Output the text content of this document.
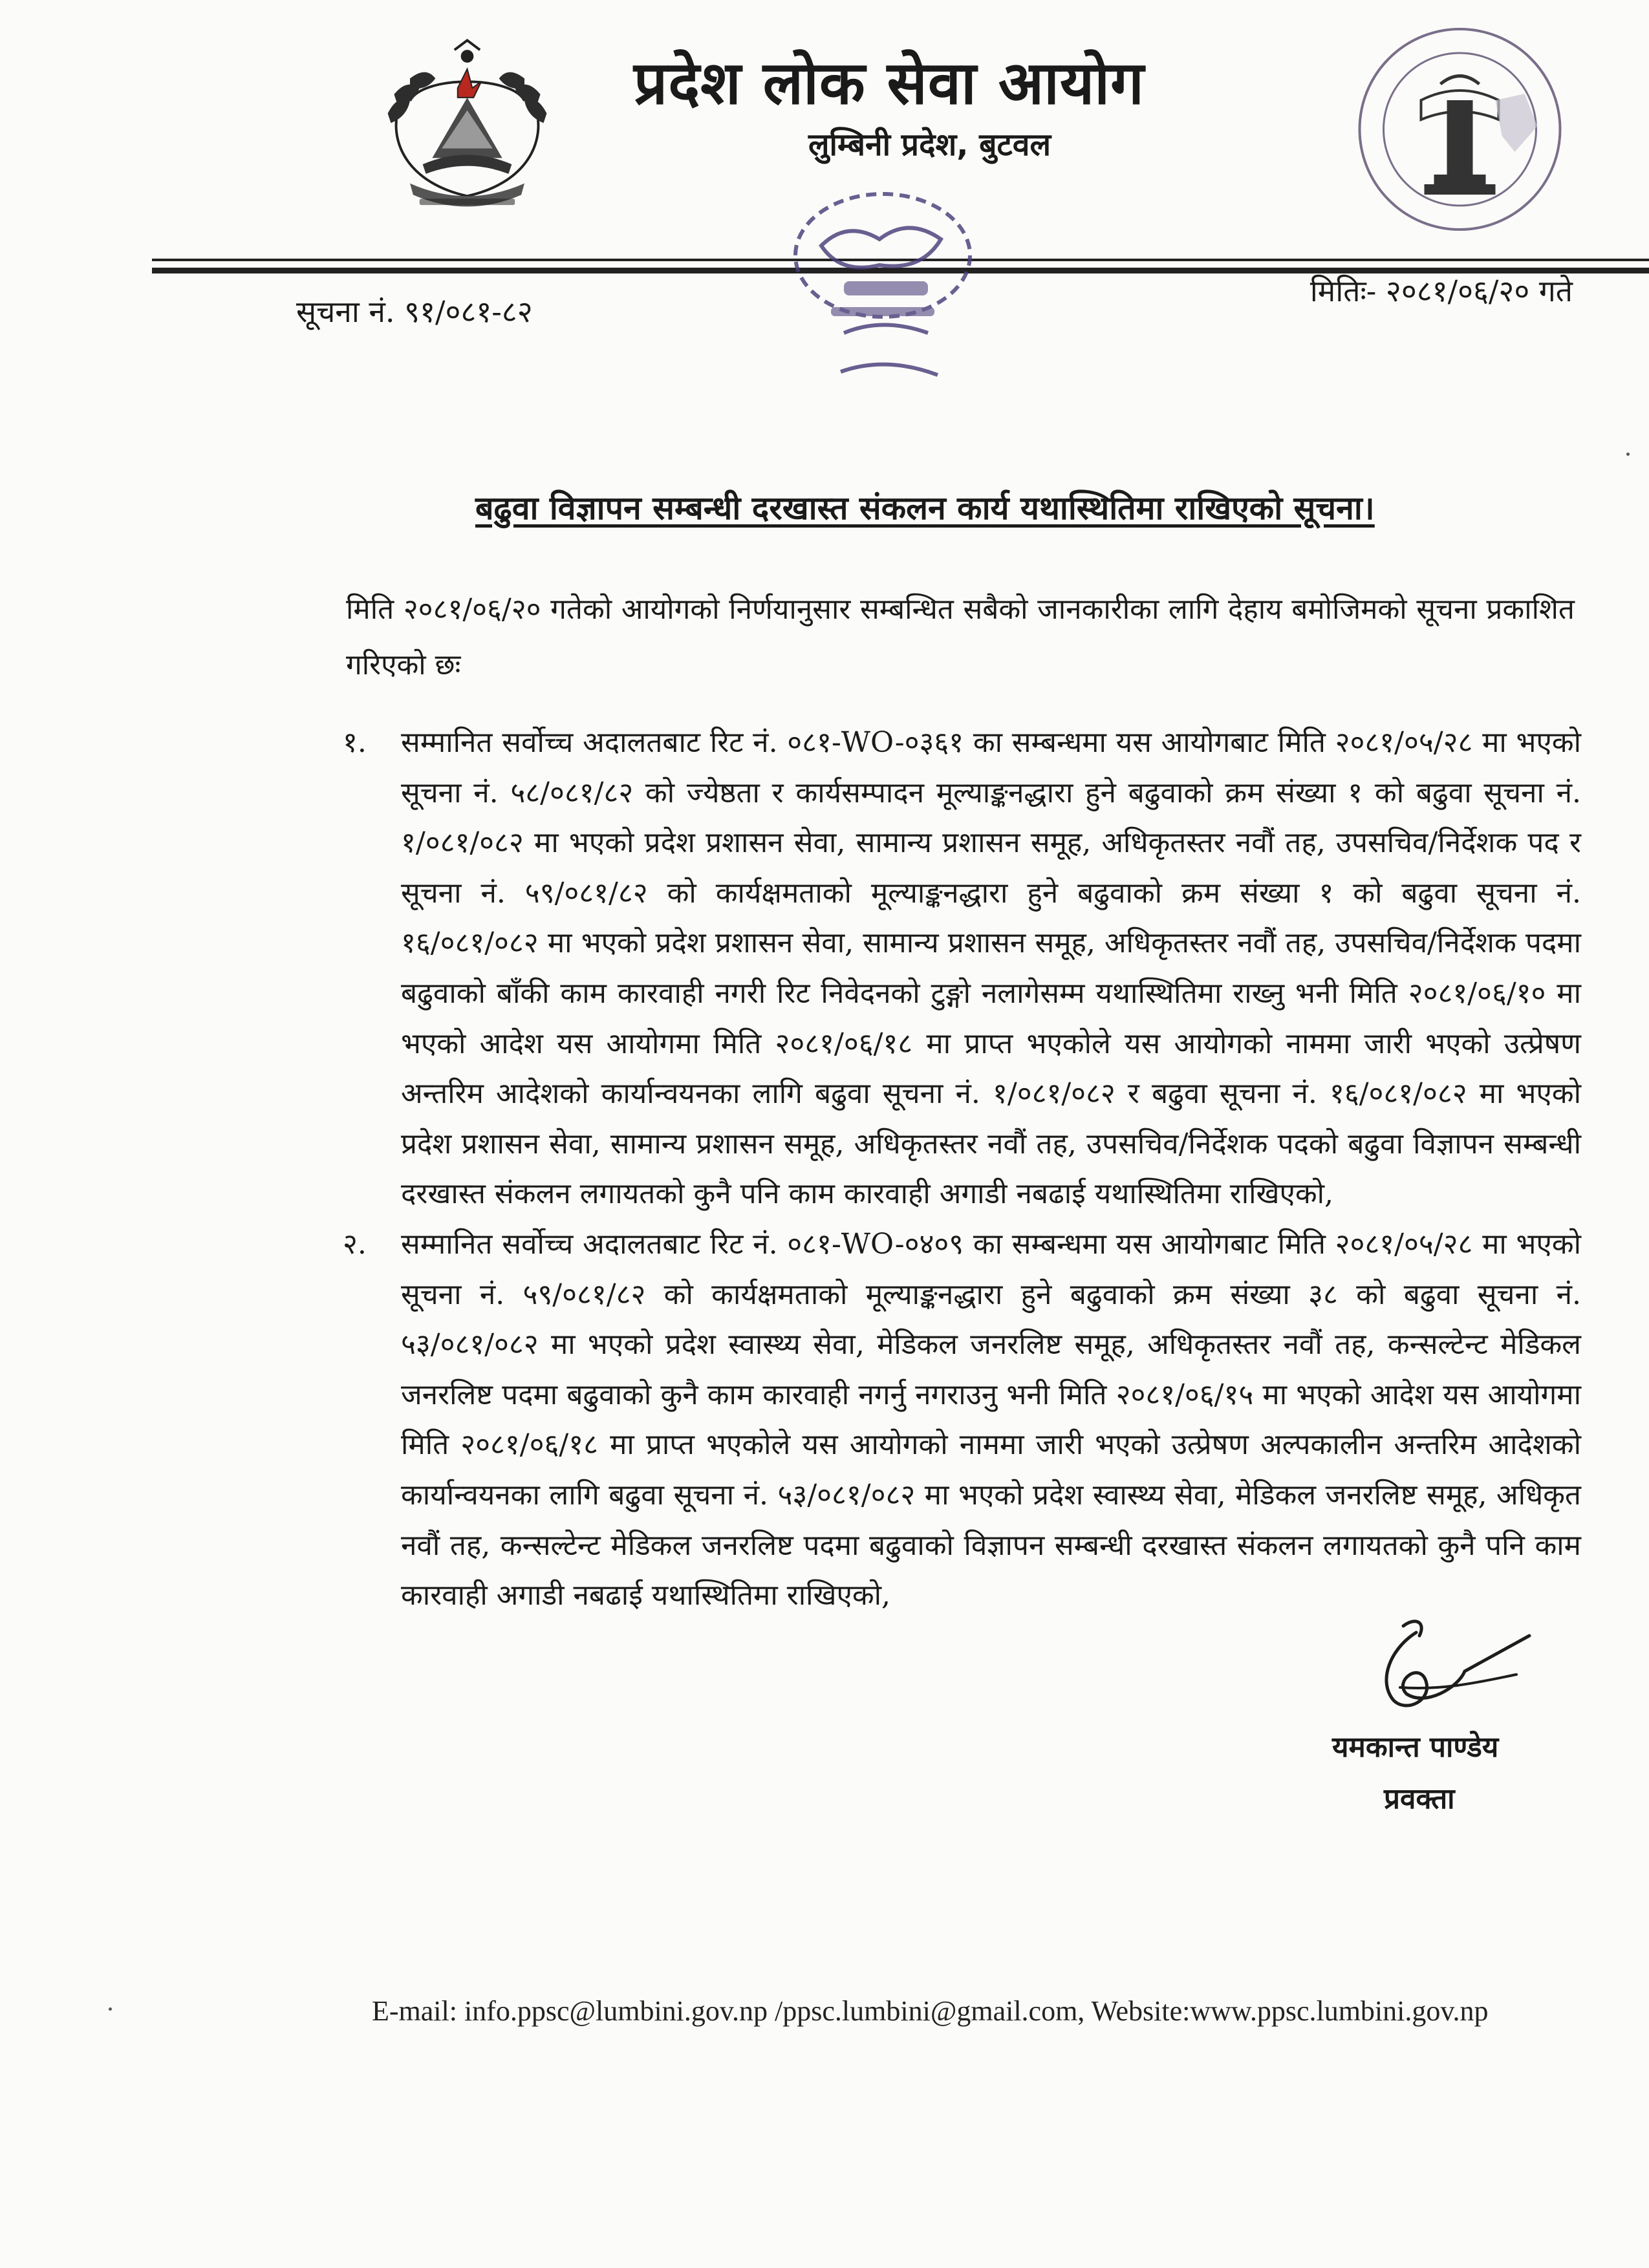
प्रदेश लोक सेवा आयोग
लुम्बिनी प्रदेश, बुटवल
सूचना नं. ९१/०८१-८२
मितिः- २०८१/०६/२० गते
बढुवा विज्ञापन सम्बन्धी दरखास्त संकलन कार्य यथास्थितिमा राखिएको सूचना।
मिति २०८१/०६/२० गतेको आयोगको निर्णयानुसार सम्बन्धित सबैको जानकारीका लागि देहाय बमोजिमको सूचना प्रकाशित गरिएको छः
१. सम्मानित सर्वोच्च अदालतबाट रिट नं. ०८१-WO-०३६१ का सम्बन्धमा यस आयोगबाट मिति २०८१/०५/२८ मा भएको सूचना नं. ५८/०८१/८२ को ज्येष्ठता र कार्यसम्पादन मूल्याङ्कनद्धारा हुने बढुवाको क्रम संख्या १ को बढुवा सूचना नं. १/०८१/०८२ मा भएको प्रदेश प्रशासन सेवा, सामान्य प्रशासन समूह, अधिकृतस्तर नवौं तह, उपसचिव/निर्देशक पद र सूचना नं. ५९/०८१/८२ को कार्यक्षमताको मूल्याङ्कनद्धारा हुने बढुवाको क्रम संख्या १ को बढुवा सूचना नं. १६/०८१/०८२ मा भएको प्रदेश प्रशासन सेवा, सामान्य प्रशासन समूह, अधिकृतस्तर नवौं तह, उपसचिव/निर्देशक पदमा बढुवाको बाँकी काम कारवाही नगरी रिट निवेदनको टुङ्गो नलागेसम्म यथास्थितिमा राख्नु भनी मिति २०८१/०६/१० मा भएको आदेश यस आयोगमा मिति २०८१/०६/१८ मा प्राप्त भएकोले यस आयोगको नाममा जारी भएको उत्प्रेषण अन्तरिम आदेशको कार्यान्वयनका लागि बढुवा सूचना नं. १/०८१/०८२ र बढुवा सूचना नं. १६/०८१/०८२ मा भएको प्रदेश प्रशासन सेवा, सामान्य प्रशासन समूह, अधिकृतस्तर नवौं तह, उपसचिव/निर्देशक पदको बढुवा विज्ञापन सम्बन्धी दरखास्त संकलन लगायतको कुनै पनि काम कारवाही अगाडी नबढाई यथास्थितिमा राखिएको,
२. सम्मानित सर्वोच्च अदालतबाट रिट नं. ०८१-WO-०४०९ का सम्बन्धमा यस आयोगबाट मिति २०८१/०५/२८ मा भएको सूचना नं. ५९/०८१/८२ को कार्यक्षमताको मूल्याङ्कनद्धारा हुने बढुवाको क्रम संख्या ३८ को बढुवा सूचना नं. ५३/०८१/०८२ मा भएको प्रदेश स्वास्थ्य सेवा, मेडिकल जनरलिष्ट समूह, अधिकृतस्तर नवौं तह, कन्सल्टेन्ट मेडिकल जनरलिष्ट पदमा बढुवाको कुनै काम कारवाही नगर्नु नगराउनु भनी मिति २०८१/०६/१५ मा भएको आदेश यस आयोगमा मिति २०८१/०६/१८ मा प्राप्त भएकोले यस आयोगको नाममा जारी भएको उत्प्रेषण अल्पकालीन अन्तरिम आदेशको कार्यान्वयनका लागि बढुवा सूचना नं. ५३/०८१/०८२ मा भएको प्रदेश स्वास्थ्य सेवा, मेडिकल जनरलिष्ट समूह, अधिकृत नवौं तह, कन्सल्टेन्ट मेडिकल जनरलिष्ट पदमा बढुवाको विज्ञापन सम्बन्धी दरखास्त संकलन लगायतको कुनै पनि काम कारवाही अगाडी नबढाई यथास्थितिमा राखिएको,
यमकान्त पाण्डेय
प्रवक्ता
E-mail: info.ppsc@lumbini.gov.np /ppsc.lumbini@gmail.com, Website:www.ppsc.lumbini.gov.np
